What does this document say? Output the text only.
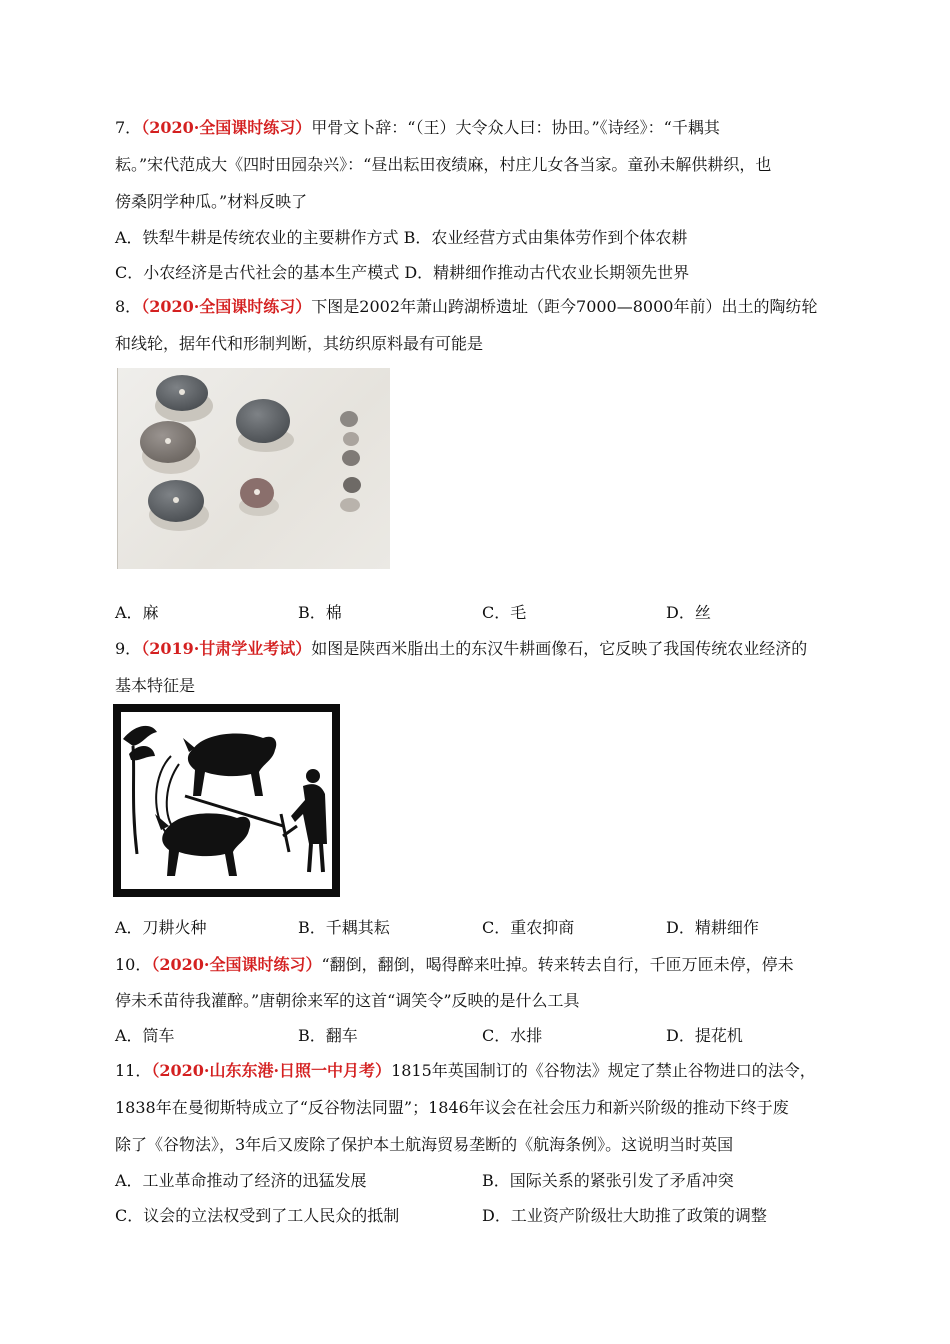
7．（2020·全国课时练习）甲骨文卜辞：“（王）大令众人曰：协田。”《诗经》：“千耦其
耘。”宋代范成大《四时田园杂兴》：“昼出耘田夜绩麻，村庄儿女各当家。童孙未解供耕织，也
傍桑阴学种瓜。”材料反映了
A．铁犁牛耕是传统农业的主要耕作方式 B．农业经营方式由集体劳作到个体农耕
C．小农经济是古代社会的基本生产模式 D．精耕细作推动古代农业长期领先世界
8．（2020·全国课时练习）下图是2002年萧山跨湖桥遗址（距今7000—8000年前）出土的陶纺轮
和线轮，据年代和形制判断，其纺织原料最有可能是
A．麻	B．棉	C．毛	D．丝
9．（2019·甘肃学业考试）如图是陕西米脂出土的东汉牛耕画像石，它反映了我国传统农业经济的
基本特征是
A．刀耕火种	B．千耦其耘	C．重农抑商	D．精耕细作
10．（2020·全国课时练习）“翻倒，翻倒，喝得醉来吐掉。转来转去自行，千匝万匝未停，停未
停未禾苗待我灌醉。”唐朝徐来军的这首“调笑令”反映的是什么工具
A．筒车	B．翻车	C．水排	D．提花机
11．（2020·山东东港·日照一中月考）1815年英国制订的《谷物法》规定了禁止谷物进口的法令，
1838年在曼彻斯特成立了“反谷物法同盟”；1846年议会在社会压力和新兴阶级的推动下终于废
除了《谷物法》，3年后又废除了保护本土航海贸易垄断的《航海条例》。这说明当时英国
A．工业革命推动了经济的迅猛发展	B．国际关系的紧张引发了矛盾冲突
C．议会的立法权受到了工人民众的抵制	D．工业资产阶级壮大助推了政策的调整
